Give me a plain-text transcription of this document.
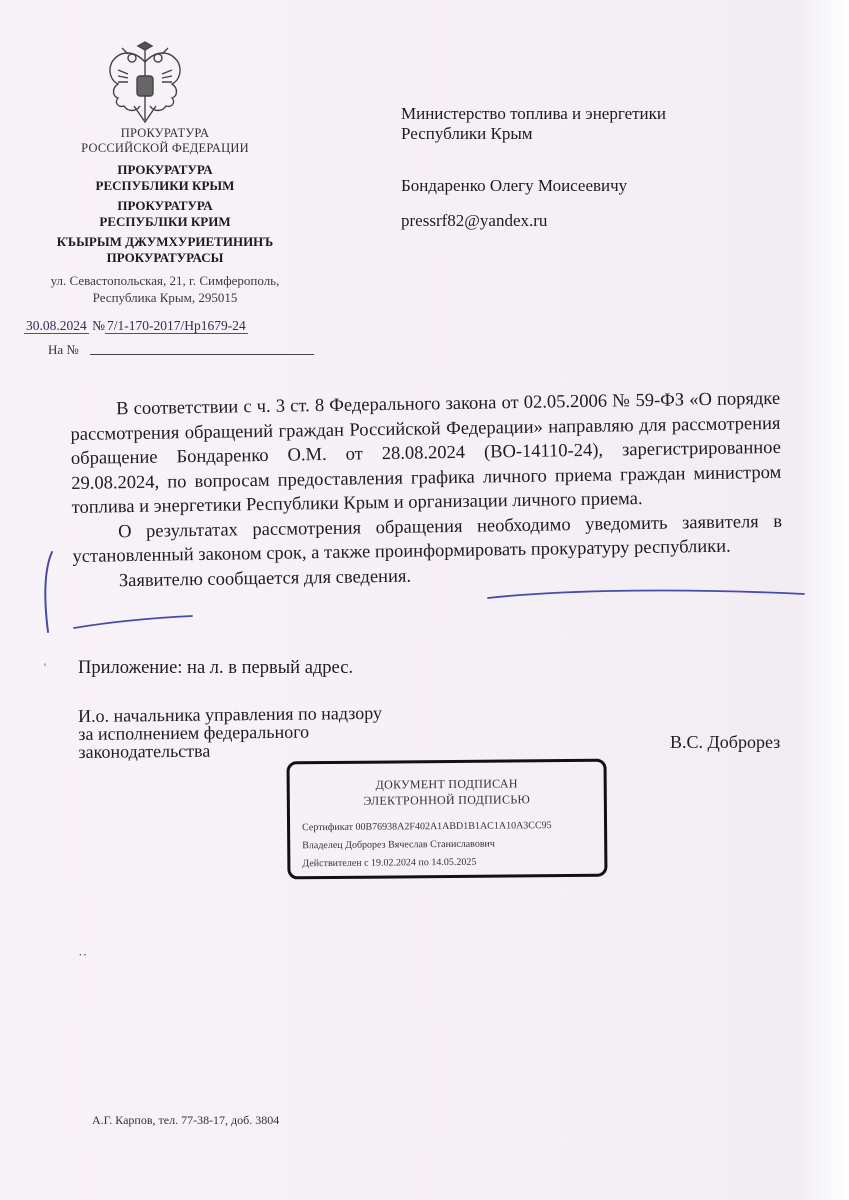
ПРОКУРАТУРА
РОССИЙСКОЙ ФЕДЕРАЦИИ
ПРОКУРАТУРА
РЕСПУБЛИКИ КРЫМ
ПРОКУРАТУРА
РЕСПУБЛIКИ КРИМ
КЪЫРЫМ ДЖУМХУРИЕТИНИНЪ
ПРОКУРАТУРАСЫ
ул. Севастопольская, 21, г. Симферополь,
Республика Крым, 295015
30.08.2024 № 7/1-170-2017/Нр1679-24
На №
Министерство топлива и энергетики
Республики Крым
Бондаренко Олегу Моисеевичу
pressrf82@yandex.ru

В соответствии с ч. 3 ст. 8 Федерального закона от 02.05.2006 № 59-ФЗ «О порядке рассмотрения обращений граждан Российской Федерации» направляю для рассмотрения обращение Бондаренко О.М. от 28.08.2024 (ВО-14110-24), зарегистрированное 29.08.2024, по вопросам предоставления графика личного приема граждан министром топлива и энергетики Республики Крым и организации личного приема.

О результатах рассмотрения обращения необходимо уведомить заявителя в установленный законом срок, а также проинформировать прокуратуру республики.

Заявителю сообщается для сведения.

Приложение: на л. в первый адрес.
И.о. начальника управления по надзору
за исполнением федерального
законодательства	В.С. Доброрез
ДОКУМЕНТ ПОДПИСАН
ЭЛЕКТРОННОЙ ПОДПИСЬЮ
Сертификат 00B76938A2F402A1ABD1B1AC1A10A3CC95
Владелец Доброрез Вячеслав Станиславович
Действителен с 19.02.2024 по 14.05.2025
˙˙
'
А.Г. Карпов, тел. 77-38-17, доб. 3804
